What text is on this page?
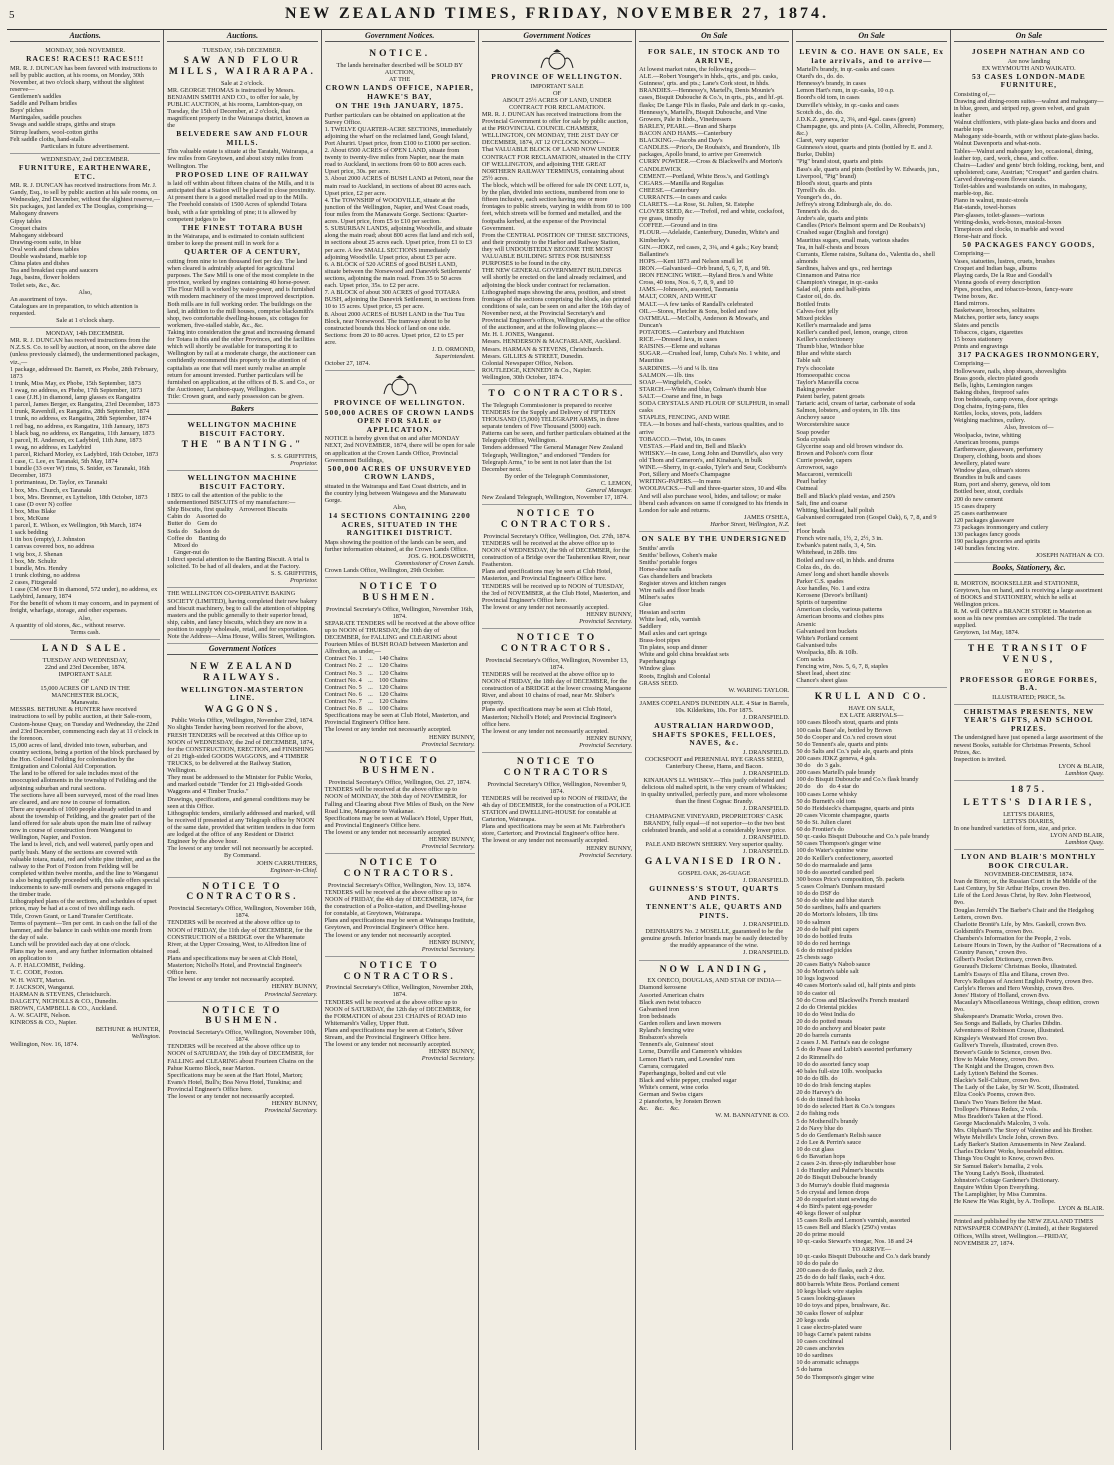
5	NEW ZEALAND TIMES, FRIDAY, NOVEMBER 27, 1874.
Auctions.
MONDAY, 30th NOVEMBER.
RACES! RACES!! RACES!!!
MR. R. J. DUNCAN has been favored with instructions to sell by public auction, at his rooms, on Monday, 30th November, at two o'clock sharp, without the slightest reserve—
Gentlemen's saddles
Saddle and Pelham bridles
Boys' pilches
Martingales, saddle pouches
Swags and saddle straps, girths and straps
Stirrup leathers, wool-cotton girths
Felt saddle cloths, hand-stalls
Particulars in future advertisement.
WEDNESDAY, 2nd DECEMBER.
FURNITURE, EARTHENWARE, ETC.
MR. R. J. DUNCAN has received instructions from Mr. J. Gandy, Esq., to sell by public auction at his sale rooms, on Wednesday, 2nd December, without the slightest reserve,—
Six packages, just landed ex The Douglas, comprising—
Mahogany drawers
Gipsy tables
Croquet chairs
Mahogany sideboard
Drawing-room suite, in blue
Oval work and chess tables
Double washstand, marble top
China plates and dishes
Tea and breakfast cups and saucers
Jugs, basins, flower holders
Toilet sets, &c., &c.
Also,
An assortment of toys.
Catalogues are in preparation, to which attention is requested.
Sale at 1 o'clock sharp.
MONDAY, 14th DECEMBER.
MR. R. J. DUNCAN has received instructions from the N.Z.S.S. Co. to sell by auction, at noon, on the above date (unless previously claimed), the undermentioned packages, viz.,—
1 package, addressed Dr. Barrett, ex Phobe, 28th February, 1873
1 trunk, Miss May, ex Phobe, 15th September, 1873
1 swag, no address, ex Phobe, 17th September, 1873
1 case (J.H.) in diamond, lamp glasses ex Rangatira
1 parcel, James Berger, ex Rangatira, 23rd December, 1873
1 trunk, Ravenhill, ex Rangatira, 28th September, 1874
1 trunk, no address, ex Rangatira, 28th September, 1874
1 red bag, no address, ex Rangatira, 11th January, 1873
1 black bag, no address, ex Rangatira, 11th January, 1873
1 parcel, H. Anderson, ex Ladybird, 11th June, 1873
1 swag, no address, ex Ladybird
1 parcel, Richard Morley, ex Ladybird, 16th October, 1873
1 case, C. Lee, ex Taranaki, 5th May, 1874
1 bundle (33 over W) rims, S. Snider, ex Taranaki, 16th December, 1873
1 portmanteau, Dr. Taylor, ex Taranaki
1 box, Mrs. Church, ex Taranaki
1 box, Mrs. Brenmer, ex Lyttelton, 18th October, 1873
1 case (D over N) coffee
1 box, Miss Blake
1 box, McKune
1 parcel, E. Wilson, ex Wellington, 9th March, 1874
1 sack bedding
1 tin box (empty), J. Johnston
1 canvas covered box, no address
1 wig box, J. Shenan
1 box, Mr. Schultz
1 bundle, Mrs. Hendry
1 trunk clothing, no address
2 cases, Fitzgerald
1 case (CM over B in diamond, 572 under), no address, ex Ladybird, January, 1874
For the benefit of whom it may concern, and in payment of freight, wharfage, storage, and other expenses.
Also,
A quantity of old stores, &c., without reserve.
Terms cash.
LAND SALE.
TUESDAY AND WEDNESDAY,
22nd and 23rd December, 1874.
IMPORTANT SALE
OF
15,000 ACRES OF LAND IN THE
MANCHESTER BLOCK,
Manawatu.
MESSRS. BETHUNE & HUNTER have received instructions to sell by public auction, at their Sale-room, Custom-house Quay, on Tuesday and Wednesday, the 22nd and 23rd December, commencing each day at 11 o'clock in the forenoon.
15,000 acres of land, divided into town, suburban, and country sections, being a portion of the block purchased by the Hon. Colonel Feilding for colonisation by the Emigration and Colonial Aid Corporation.
The land to be offered for sale includes most of the unoccupied allotments in the township of Feilding and the adjoining suburban and rural sections.
The sections have all been surveyed, most of the road lines are cleared, and are now in course of formation.
There are upwards of 1000 people already settled in and about the township of Feilding, and the greater part of the land offered for sale abuts upon the main line of railway now in course of construction from Wanganui to Wellington, Napier, and Foxton.
The land is level, rich, and well watered, partly open and partly bush. Many of the sections are covered with valuable totara, matai, red and white pine timber, and as the railway to the Port of Foxton from Feilding will be completed within twelve months, and the line to Wanganui is also being rapidly proceeded with, this sale offers special inducements to saw-mill owners and persons engaged in the timber trade.
Lithographed plans of the sections, and schedules of upset prices, may be had at a cost of two shillings each.
Title, Crown Grant, or Land Transfer Certificate.
Terms of payment—Ten per cent. in cash on the fall of the hammer, and the balance in cash within one month from the day of sale.
Lunch will be provided each day at one o'clock.
Plans may be seen, and any further information obtained on application to
A. F. HALCOMBE, Feilding.
T. C. CODE, Foxton.
W. H. WATT, Marton.
F. JACKSON, Wanganui.
HARMAN & STEVENS, Christchurch.
DALGETY, NICHOLLS & CO., Dunedin.
BROWN, CAMPBELL & CO., Auckland.
A. W. SCAIFE, Nelson.
KINROSS & CO., Napier.
BETHUNE & HUNTER,
Wellington.
Wellington, Nov. 16, 1874.
Auctions.
TUESDAY, 15th DECEMBER.
SAW AND FLOUR MILLS, WAIRARAPA.
Sale at 2 o'clock.
MR. GEORGE THOMAS is instructed by Messrs. BENJAMIN SMITH AND CO., to offer for sale, by PUBLIC AUCTION, at his rooms, Lambton-quay, on Tuesday, the 15th of December, at 2 o'clock, that magnificent property in the Wairarapa district, known as the
BELVEDERE SAW AND FLOUR MILLS.
This valuable estate is situate at the Taratahi, Wairarapa, a few miles from Greytown, and about sixty miles from Wellington. The
PROPOSED LINE OF RAILWAY
is laid off within about fifteen chains of the Mills, and it is anticipated that a Station will be placed in close proximity. At present there is a good metalled road up to the Mills. The Freehold consists of 1500 Acres of splendid Totara bush, with a fair sprinkling of pine; it is allowed by competent judges to be
THE FINEST TOTARA BUSH
in the Wairarapa, and is estimated to contain sufficient timber to keep the present mill in work for a
QUARTER OF A CENTURY,
cutting from nine to ten thousand feet per day. The land when cleared is admirably adapted for agricultural purposes. The Saw Mill is one of the most complete in the province, worked by engines containing 40 horse-power. The Flour Mill is worked by water-power, and is furnished with modern machinery of the most improved description. Both mills are in full working order. The buildings on the land, in addition to the mill houses, comprise blacksmith's shop, two comfortable dwelling-houses, six cottages for workmen, five-stalled stable, &c., &c.
Taking into consideration the great and increasing demand for Totara in this and the other Provinces, and the facilities which will shortly be available for transporting it to Wellington by rail at a moderate charge, the auctioneer can confidently recommend this property to the attention of capitalists as one that will meet surely realise an ample return for amount invested. Further particulars will be furnished on application, at the offices of B. S. and Co., or the Auctioneer, Lambton-quay, Wellington.
Title: Crown grant, and early possession can be given.
Bakers
WELLINGTON MACHINE BISCUIT FACTORY.
THE "BANTING."
S. S. GRIFFITHS,
Proprietor.
WELLINGTON MACHINE BISCUIT FACTORY.
I BEG to call the attention of the public to the undermentioned BISCUITS of my manufacture:—
Ship Biscuits, first quality    Arrowroot Biscuits
Cabin do    Assorted do
Butter do    Gem do
Soda do    Saloon do
Coffee do    Banting do
Mixed do
Ginger-nut do
I direct special attention to the Banting Biscuit. A trial is solicited. To be had of all dealers, and at the Factory.
S. S. GRIFFITHS,
Proprietor.
THE WELLINGTON CO-OPERATIVE BAKING SOCIETY (LIMITED), having completed their new bakery and biscuit machinery, beg to call the attention of shipping masters and the public generally to their superior bread, ship, cabin, and fancy biscuits, which they are now in a position to supply wholesale, retail, and for exportation.
Note the Address—Alma House, Willis Street, Wellington.
Government Notices
NEW ZEALAND RAILWAYS.
WELLINGTON-MASTERTON LINE.
WAGGONS.
Public Works Office, Wellington, November 23rd, 1874.
No slights Tender having been received for the above, FRESH TENDERS will be received at this Office up to NOON of WEDNESDAY, the 2nd of DECEMBER, 1874, for the CONSTRUCTION, ERECTION, and FINISHING of 21 High-sided GOODS WAGGONS, and 4 TIMBER TRUCKS, to be delivered at the Railway Station, Wellington.
They must be addressed to the Minister for Public Works, and marked outside "Tender for 21 High-sided Goods Waggons and 4 Timber Trucks."
Drawings, specifications, and general conditions may be seen at this Office.
Lithographic tenders, similarly addressed and marked, will be received if presented at any Telegraph office by NOON of the same date, provided that written tenders in due form are lodged at the office of any Resident or District Engineer by the above hour.
The lowest or any tender will not necessarily be accepted.
By Command.
JOHN CARRUTHERS,
Engineer-in-Chief.
NOTICE TO CONTRACTORS.
Provincial Secretary's Office, Wellington, November 16th, 1874.
TENDERS will be received at the above office up to NOON of FRIDAY, the 11th day of DECEMBER, for the CONSTRUCTION of a BRIDGE over the Wharemate River, at the Upper Crossing, West, to Alfredton line of road.
Plans and specifications may be seen at Club Hotel, Masterton; Nicholl's Hotel, and Provincial Engineer's Office here.
The lowest or any tender not necessarily accepted.
HENRY BUNNY,
Provincial Secretary.
NOTICE TO BUSHMEN.
Provincial Secretary's Office, Wellington, November 10th, 1874.
TENDERS will be received at the above office up to NOON of SATURDAY, the 19th day of DECEMBER, for FALLING and CLEARING about Fourteen Chains on the Pahue Kuemo Block, near Marton.
Specifications may be seen at the Hart Hotel, Marton; Evans's Hotel, Bull's; Boa Nova Hotel, Turakina; and Provincial Engineer's Office here.
The lowest or any tender not necessarily accepted.
HENRY BUNNY,
Provincial Secretary.
Government Notices.
NOTICE.
The lands hereinafter described will be SOLD BY AUCTION,
AT THE
CROWN LANDS OFFICE, NAPIER, HAWKE'S BAY,
ON THE 19th JANUARY, 1875.
Further particulars can be obtained on application at the Survey Office.
1. TWELVE QUARTER-ACRE SECTIONS, immediately adjoining the wharf on the reclaimed land, Gough Island, Port Ahuriri. Upset price, from £100 to £1000 per section.
2. About 6500 ACRES of OPEN LAND, situate from twenty to twenty-five miles from Napier, near the main road to Auckland, in sections from 60 to 800 acres each. Upset price, 30s. per acre.
3. About 2000 ACRES of BUSH LAND at Petoni, near the main road to Auckland, in sections of about 80 acres each. Upset price, £2 per acre.
4. The TOWNSHIP of WOODVILLE, situate at the junction of the Wellington, Napier, and West Coast roads, four miles from the Manawatu Gorge. Sections: Quarter-acres. Upset price, from £5 to £10 per section.
5. SUBURBAN LANDS, adjoining Woodville, and situate along the main road; about 800 acres flat land and rich soil, in sections about 25 acres each. Upset price, from £1 to £3 per acre. A few SMALL SECTIONS immediately adjoining Woodville. Upset price, about £3 per acre.
6. A BLOCK of 520 ACRES of good BUSH LAND, situate between the Norsewood and Danevirk Settlements' sections, adjoining the main road. From 35 to 50 acres each. Upset price, 35s. to £2 per acre.
7. A BLOCK of about 300 ACRES of good TOTARA BUSH, adjoining the Danevirk Settlement, in sections from 10 to 15 acres. Upset price, £5 per acre.
8. About 2000 ACRES of BUSH LAND in the Tuu Tuu Block, near Norsewood. The tramway about to be constructed bounds this block of land on one side. Sections: from 20 to 80 acres. Upset price, £2 to £5 per acre.
J. D. ORMOND,
Superintendent.
October 27, 1874.
PROVINCE OF WELLINGTON.
500,000 ACRES OF CROWN LANDS OPEN FOR SALE or APPLICATION.
NOTICE is hereby given that on and after MONDAY NEXT, 2nd NOVEMBER, 1874, there will be open for sale on application at the Crown Lands Office, Provincial Government Buildings,
500,000 ACRES OF UNSURVEYED CROWN LANDS,
situated in the Wairarapa and East Coast districts, and in the country lying between Waingawa and the Manawatu Gorge.
Also,
14 SECTIONS CONTAINING 2200 ACRES, SITUATED IN THE RANGITIKEI DISTRICT.
Maps showing the position of the lands can be seen, and further information obtained, at the Crown Lands Office.
JOS. G. HOLDSWORTH,
Commissioner of Crown Lands.
Crown Lands Office, Wellington, 29th October.
NOTICE TO BUSHMEN.
Provincial Secretary's Office, Wellington, November 16th, 1874.
SEPARATE TENDERS will be received at the above office up to NOON of THURSDAY, the 10th day of DECEMBER, for FALLING and CLEARING about Fourteen Miles of BUSH ROAD between Masterton and Alfredton, as under,—
Contract No. 1    ...    140 Chains
Contract No. 2    ...    120 Chains
Contract No. 3    ...    120 Chains
Contract No. 4    ...    100 Chains
Contract No. 5    ...    120 Chains
Contract No. 6    ...    120 Chains
Contract No. 7    ...    120 Chains
Contract No. 8    ...    100 Chains
Specifications may be seen at Club Hotel, Masterton, and Provincial Engineer's Office here.
The lowest or any tender not necessarily accepted.
HENRY BUNNY,
Provincial Secretary.
NOTICE TO BUSHMEN.
Provincial Secretary's Office, Wellington, Oct. 27, 1874.
TENDERS will be received at the above office up to NOON of MONDAY, the 30th day of NOVEMBER, for Falling and Clearing about Five Miles of Bush, on the New Road Line, Mangaone to Waikanae.
Specifications may be seen at Wallace's Hotel, Upper Hutt, and Provincial Engineer's Office here.
The lowest or any tender not necessarily accepted.
HENRY BUNNY,
Provincial Secretary.
NOTICE TO CONTRACTORS.
Provincial Secretary's Office, Wellington, Nov. 13, 1874.
TENDERS will be received at the above office up to NOON of FRIDAY, the 4th day of DECEMBER, 1874, for the construction of a Police-station, and Dwelling-house for constable, at Greytown, Wairarapa.
Plans and specifications may be seen at Wairarapa Institute, Greytown, and Provincial Engineer's Office here.
The lowest or any tender not necessarily accepted.
HENRY BUNNY,
Provincial Secretary.
NOTICE TO CONTRACTORS.
Provincial Secretary's Office, Wellington, November 20th, 1874.
TENDERS will be received at the above office up to NOON of SATURDAY, the 12th day of DECEMBER, for the FORMATION of about 231 CHAINS of ROAD into Whitemarsh's Valley, Upper Hutt.
Plans and specifications may be seen at Cotter's, Silver Stream, and the Provincial Engineer's Office here.
The lowest or any tender not necessarily accepted.
HENRY BUNNY,
Provincial Secretary.
Government Notices
PROVINCE OF WELLINGTON.
IMPORTANT SALE
OF
ABOUT 25½ ACRES OF LAND, UNDER
CONTRACT FOR RECLAMATION.
MR. R. J. DUNCAN has received instructions from the Provincial Government to offer for sale by public auction, at the PROVINCIAL COUNCIL CHAMBER, WELLINGTON, ON MONDAY, THE 21ST DAY OF DECEMBER, 1874, AT 12 O'CLOCK NOON—
That VALUABLE BLOCK OF LAND NOW UNDER CONTRACT FOR RECLAMATION, situated in the CITY OF WELLINGTON, and adjoining THE GREAT NORTHERN RAILWAY TERMINUS, containing about 25½ acres.
The block, which will be offered for sale IN ONE LOT, is, by the plan, divided into sections, numbered from one to fifteen inclusive, each section having one or more frontages to public streets, varying in width from 60 to 100 feet, which streets will be formed and metalled, and the footpaths kerbed, at the expense of the Provincial Government.
From the CENTRAL POSITION OF THESE SECTIONS, and their proximity to the Harbor and Railway Station, they will UNDOUBTEDLY BECOME THE MOST VALUABLE BUILDING SITES FOR BUSINESS PURPOSES to be found in the city.
THE NEW GENERAL GOVERNMENT BUILDINGS will shortly be erected on the land already reclaimed, and adjoining the block under contract for reclamation.
Lithographed maps showing the area, position, and street frontages of the sections comprising the block, also printed conditions of sale, can be seen on and after the 16th day of November next, at the Provincial Secretary's and Provincial Engineer's offices, Wellington, also at the office of the auctioneer, and at the following places:—
Mr. H. I. JONES, Wanganui.
Messrs. HENDERSON & MACFARLANE, Auckland.
Messrs. HARMAN & STEVENS, Christchurch.
Messrs. GILLIES & STREET, Dunedin.
Colonial Newspaper Office, Nelson.
ROUTLEDGE, KENNEDY & Co., Napier.
Wellington, 30th October, 1874.
TO CONTRACTORS.
The Telegraph Commissioner is prepared to receive TENDERS for the Supply and Delivery of FIFTEEN THOUSAND (15,000) TELEGRAPH ARMS, in three separate tenders of Five Thousand (5000) each.
Patterns can be seen, and further particulars obtained at the Telegraph Office, Wellington.
Tenders addressed "The General Manager New Zealand Telegraph, Wellington," and endorsed "Tenders for Telegraph Arms," to be sent in not later than the 1st December next.
By order of the Telegraph Commissioner,
C. LEMON,
General Manager.
New Zealand Telegraph, Wellington, November 17, 1874.
NOTICE TO CONTRACTORS.
Provincial Secretary's Office, Wellington, Oct. 27th, 1874.
TENDERS will be received at the above office up to NOON of WEDNESDAY, the 9th of DECEMBER, for the construction of a Bridge over the Tauherenikau River, near Featherston.
Plans and specifications may be seen at Club Hotel, Masterton, and Provincial Engineer's Office here.
TENDERS will be received up to NOON of TUESDAY, the 3rd of NOVEMBER, at the Club Hotel, Masterton, and Provincial Engineer's Office here.
The lowest or any tender not necessarily accepted.
HENRY BUNNY,
Provincial Secretary.
NOTICE TO CONTRACTORS.
Provincial Secretary's Office, Wellington, November 13, 1874.
TENDERS will be received at the above office up to NOON of FRIDAY, the 18th day of DECEMBER, for the construction of a BRIDGE at the lower crossing Mangaone River, and about 10 chains of road, near Mr. Shiber's property.
Plans and specifications may be seen at Club Hotel, Masterton; Nicholl's Hotel; and Provincial Engineer's office here.
The lowest or any tender not necessarily accepted.
HENRY BUNNY,
Provincial Secretary.
NOTICE TO CONTRACTORS
Provincial Secretary's Office, Wellington, November 9, 1874.
TENDERS will be received up to NOON of FRIDAY, the 4th day of DECEMBER, for the construction of a POLICE STATION and DWELLING-HOUSE for constable at Carterton, Wairarapa.
Plans and specifications may be seen at Mr. Fairbrother's store, Carterton; and Provincial Engineer's office here.
The lowest or any tender not necessarily accepted.
HENRY BUNNY,
Provincial Secretary.
On Sale
FOR SALE, IN STOCK AND TO ARRIVE,
At lowest market rates, the following goods—
ALE.—Robert Younger's in hhds., qrts., and pts. casks, Guinness', qrts. and pts.; Lane's Cork stout, in hhds.
BRANDIES.—Hennessy's, Martell's, Denis Mounie's cases, Bisquit Dubouche & Co.'s, in qrts., pts., and hf.-pt. flasks; De Lange Fils in flasks, Pale and dark in qr.-casks, Hennessy's, Martell's, Bisquit Dubouche, and Vine Growers, Pale in hhds., Vinedressers
BARLEY, PEARL.—Bran and Sharps
BACON AND HAMS.—Canterbury
BLACKING.—Jacobs and Day's
CANDLES.—Price's, De Roubaix's, and Brandon's, 1lb packages, Apollo brand, to arrive per Greenwich
CURRY POWDER.—Cross & Blackwell's and Morton's
CANDLEWICK
CEMENT.—Portland, White Bros.'s, and Gottling's
CIGARS.—Manilla and Regalias
CHEESE.—Canterbury
CURRANTS.—In cases and casks
CLARETS.—La Rose, St. Julien, St. Estephe
CLOVER SEED, &c.—Trefoil, red and white, cocksfoot, rye grass, timothy
COFFEE.—Ground and in tins
FLOUR.—Adelaide, Canterbury, Dunedin, White's and Kimberley's
GIN.—JDKZ, red cases, 2, 3¼, and 4 gals.; Key brand; Ballantine's
HOPS.—Kent 1873 and Nelson small lot
IRON.—Galvanised—Orb brand, 5, 6, 7, 8, and 9ft.
IRON FENCING WIRE.—Ryland Bros.'s and White Cross, 40 tons, Nos. 6, 7, 8, 9, and 10
JAMS.—Johnson's, assorted, Tasmania
MALT, CORN, AND WHEAT
MALT.—A few tanks of Randall's celebrated
OIL.—Stores, Fletcher & Sons, boiled and raw
OATMEAL.—McColl's, Anderson & Mowat's, and Duncan's
POTATOES.—Canterbury and Hutchison
RICE.—Dressed Java, in cases
RAISINS.—Eleme and sultanas
SUGAR.—Crushed loaf, lump, Cuba's No. 1 white, and Mauritius
SARDINES.—½ and ¼ lb. tins
SALMON.—1lb. tins
SOAP.—Wingfield's, Cook's
STARCH.—White and blue, Colman's thumb blue
SALT.—Coarse and fine, in bags
SODA CRYSTALS AND FLOUR OF SULPHUR, in small casks
STAPLES, FENCING, AND WIRE
TEA.—In boxes and half-chests, various qualities, and to arrive
TOBACCO.—Twist, 10s, in cases
VESTAS.—Plaid and tin, Bell and Black's
WHISKY.—In case, Long John and Dunville's, also very old Thom and Cameron's, and Kinahan's, in bulk
WINE.—Sherry, in qr.-casks, Tyler's and Seur, Cockburn's Port, Sillery and Moet's Champagne
WRITING-PAPERS.—In reams
WOOLPACKS.—Full and three-quarter sizes, 10 and 4lbs
And will also purchase wool, hides, and tallow; or make liberal cash advances on same if consigned to his friends in London for sale and returns.
JAMES O'SHEA,
Harbor Street, Wellington, N.Z.
ON SALE BY THE UNDERSIGNED
Smiths' anvils
Smiths' bellows, Cohen's make
Smiths' portable forges
Horse-shoe nails
Gas chandeliers and brackets
Register stoves and kitchen ranges
Wire nails and floor brads
Milner's safes
Glue
Hessian and scrim
White lead, oils, varnish
Saddlery
Mail axles and cart springs
Brass-foot pipes
Tin plates, soup and dinner
White and gold china breakfast sets
Paperhangings
Window glass
Roots, English and Colonial
GRASS SEED.
W. WARING TAYLOR.
JAMES COPELAND'S DUNEDIN ALE. 4 Star in Barrels, 10s. Kilderkins, 10s. For 1875.
J. DRANSFIELD.
AUSTRALIAN HARDWOOD, SHAFTS SPOKES, FELLOES, NAVES, &c.
J. DRANSFIELD.
COCKSFOOT and PERENNIAL RYE GRASS SEED, Canterbury Cheese, Hams, and Bacon.
J. DRANSFIELD.
KINAHAN'S LL WHISKY.—This justly celebrated and delicious old malted spirit, is the very cream of Whiskies; in quality unrivalled, perfectly pure, and more wholesome than the finest Cognac Brandy.
J. DRANSFIELD.
CHAMPAGNE VINEYARD, PROPRIETORS' CASK BRANDY, fully equal—if not superior—to the two best celebrated brands, and sold at a considerably lower price.
J. DRANSFIELD.
PALE AND BROWN SHERRY. Very superior quality.
J. DRANSFIELD.
GALVANISED IRON.
GOSPEL OAK, 26-GUAGE
J. DRANSFIELD.
GUINNESS'S STOUT, QUARTS AND PINTS.
TENNENT'S ALE, QUARTS AND PINTS.
J. DRANSFIELD.
DEINHARD'S No. 2 MOSELLE, guaranteed to be the genuine growth. Inferior brands may be easily detected by the muddy appearance of the wine.
J. DRANSFIELD.
NOW LANDING,
EX ONECO, DOUGLAS, AND STAR OF INDIA—
Diamond kerosene
Assorted American chairs
Black awn twist tobacco
Galvanised iron
Iron bedsteads
Garden rollers and lawn mowers
Ryland's fencing wire
Brabazon's shovels
Tennent's ale, Guinness' stout
Lorne, Dunville and Cameron's whiskies
Lemon Hart's rum, and Lowndes' rum
Carrara, corrugated
Paperhangings, bolted and cut vile
Black and white pepper, crushed sugar
White's cement, wine corks
German and Swiss cigars
2 pianofortes, by Jonsten Brown
&c.    &c.    &c.
W. M. BANNATYNE & CO.
On Sale
LEVIN & CO. HAVE ON SALE, Ex late arrivals, and to arrive—
Martell's brandy, in qr.-casks and cases
Otard's do., do. do.
Hennessy's brandy, in cases
Lemon Hart's rum, in qr.-casks, 10 o.p.
Boord's old tom, in cases
Dunville's whisky, in qr.-casks and cases
Scotch do., do. do.
J.D.K.Z. geneva, 2, 3¼, and 4gal. cases (green)
Champagne, qts. and pints (A. Collin, Albrecht, Pommery, &c.)
Claret, very superior
Guinness's stout, quarts and pints (bottled by E. and J. Burke, Dublin)
"Pig" brand stout, quarts and pints
Bass's ale, quarts and pints (bottled by W. Edwards, jun., Liverpool, "Pig" brand)
Blood's stout, quarts and pints
Tyrrell's do. do.
Younger's do., do.
Jeffrey's strong Edinburgh ale, do. do.
Tennent's do. do.
Andre's ale, quarts and pints
Candles (Price's Belmont sperm and De Roubaix's)
Crushed sugar (English and foreign)
Mauritius sugars, small mats, various shades
Tea, in half-chests and boxes
Currants, Eleme raisins, Sultana do., Valentia do., shell almonds
Sardines, halves and qrs., red herrings
Cinnamon and Patna rice
Champion's vinegar, in qr.-casks
Salad oil, pints and half-pints
Castor oil, do. do.
Bottled fruits
Calves-foot jelly
Mixed pickles
Keiller's marmalade and jams
Keiller's candied peel, lemon, orange, citron
Keiller's confectionery
Thumb blue, Windsor blue
Blue and white starch
Table salt
Fry's chocolate
Homoeopathic cocoa
Taylor's Maravilla cocoa
Baking powder
Patent barley, patent groats
Tartaric acid, cream of tartar, carbonate of soda
Salmon, lobsters, and oysters, in 1lb. tins
Anchovy sauce
Worcestershire sauce
Soap powder
Soda crystals
Glycerine soap and old brown windsor do.
Brown and Polson's corn flour
Currie powder, capers
Arrowroot, sago
Maccaroni, vermicelli
Pearl barley
Oatmeal
Bell and Black's plaid vestas, and 250's
Salt, fine and coarse
Whiting, blacklead, half polish
Galvanised corrugated iron (Gospel Oak), 6, 7, 8, and 9 feet
Floor brads
French wire nails, 1½, 2, 2½, 3 in.
Ewbank's patent nails, 3, 4, 5in.
Whitehead, in 28lb. tins
Boiled and raw oil, in hhds. and drums
Colza do., do. do.
Ames' long and short handle shovels
Parker C.S. spades
Axe handles, No. 1 and extra
Kerosene (Devoe's brilliant)
Spirits of turpentine
American clocks, various patterns
American brooms and clothes pins
Arsenic
Galvanised iron buckets
White's Portland cement
Galvanised tubs
Woolpacks, 8lb. & 10lb.
Corn sacks
Fencing wire, Nos. 5, 6, 7, 8, staples
Sheet lead, sheet zinc
Chance's sheet glass
KRULL AND CO.
HAVE ON SALE,
EX LATE ARRIVALS—
100 cases Blood's stout, quarts and pints
100 casks Bass' ale, bottled by Brown
50 do Cooper and Co.'s red crown stout
50 do Tennent's ale, quarts and pints
50 do Salts and Co.'s pale ale, quarts and pints
200 cases JDKZ geneva, 4 gals.
30 do    do 3 gals.
200 cases Martell's pale brandy
100 do Bisquit Dubouche and Co.'s flask brandy
20 do    do    do 4 star do
100 cases Lorne whisky
50 do Burnett's old tom
50 do Heidsieck's champagne, quarts and pints
20 cases Vicomte champagne, quarts
50 do St. Julien claret
60 do Frontier's do
50 qr.-casks Bisquit Dubouche and Co.'s pale brandy
50 cases Thompson's ginger wine
100 do Water's quinine wine
20 do Keiller's confectionery, assorted
50 do do marmalade and jams
10 do do assorted candied peel
300 boxes Price's composition, 5b. packets
5 cases Colman's Dunham mustard
10 do do DSF do
50 do do white and blue starch
50 do sardines, halfs and quarters
20 do Morton's lobsters, 1lb tins
10 do salmon
20 do do half pint capers
10 do do bottled fruits
10 do do red herrings
6 do do mixed pickles
25 chests sago
20 cases Batty's Nabob sauce
30 do Morton's table salt
10 logs logwood
40 cases Morton's salad oil, half pints and pints
10 do castor oil
50 do Cross and Blackwell's French mustard
2 do do Oriental pickles
10 do do West India do
20 do do potted meats
10 do do anchovy and bloater paste
20 do barrels currants
2 cases J. M. Farina's eau de cologne
5 do do Pease and Lubin's assorted perfumery
2 do Rimmell's do
10 do do assorted fancy soap
40 bales full-size 10lb. woolpacks
10 do do 8lb. do
10 do do Irish fencing staples
20 do Harvey's do
6 do do tinned fish hooks
10 do do selected Hart & Co.'s tongues
2 do fishing rods
5 do Mothersill's brandy
2 do Navy blue do
5 do do Gentleman's Relish sauce
2 do Lee & Perrin's sauce
10 do cut glass
6 do Bavarian hops
2 cases 2-in. three-ply indiarubber hose
1 do Huntley and Palmer's biscuits
20 do Bisquit Dubouche brandy
3 do Murray's double fluid magnesia
5 do crystal and lemon drops
20 do roquefort stunt sewing do
4 do Bird's patent egg-powder
40 kegs flower of sulphur
15 cases Rolls and Lemon's varnish, assorted
15 cases Bell and Black's (250's) vestas
20 do prime mould
10 qr.-casks Stewart's vinegar, Nos. 18 and 24
TO ARRIVE—
10 qr.-casks Bisquit Dubouche and Co.'s dark brandy
10 do do pale do
200 cases do do flasks, each 2 doz.
25 do do do half flasks, each 4 doz.
800 barrels White Bros. Portland cement
10 kegs black wire staples
5 cases looking-glasses
10 do toys and pipes, brushware, &c.
30 casks flower of sulphur
20 kegs soda
1 case electro-plated ware
10 bags Carne's patent raisins
10 cases cochineal
20 cases anchovies
10 do sardines
10 do aromatic schnapps
5 do hams
50 do Thompson's ginger wine
On Sale
JOSEPH NATHAN AND CO
Are now landing
EX WEYMOUTH AND WAIKATO.
53 CASES LONDON-MADE FURNITURE,
Consisting of,—
Drawing and dining-room suites—walnut and mahogany—in blue, green, and striped rep, green velvet, and grain leather
Walnut chiffoniers, with plate-glass backs and doors and marble tops
Mahogany side-boards, with or without plate-glass backs.
Walnut Davenports and what-nots.
Tables—Walnut and mahogany loo, occasional, dining, leather top, card, work, chess, and coffee.
Chairs—Ladies' and gents' birch folding, rocking, bent, and upholstered; cane, Austrian; "Croquet" and garden chairs.
Carved drawing-room flower stands.
Toilet-tables and washstands on suites, in mahogany, marble-top, &c.
Piano in walnut, music-stools
Hat-stands, towel-horses
Pier-glasses, toilet-glasses—various
Writing-desks, work-boxes, musical-boxes
Timepieces and clocks, in marble and wood
Horse-hair and flock.
50 PACKAGES FANCY GOODS,
Comprising—
Vases, statuettes, lustres, cruets, brushes
Croquet and Indian bags, albums
Playing cards, De la Rue and Goodall's
Vienna goods of every description
Pipes, pouches, and tobacco-boxes, fancy-ware
Twine boxes, &c.
Hand mirrors.
Basketware, brooches, solitaires
Matches, portier sets, fancy soaps
Slates and pencils
Tobaccos, cigars, cigarettes
15 boxes stationery
Prints and engravings
317 PACKAGES IRONMONGERY,
Comprising—
Hollowware, nails, shop shears, shoveslights
Brass goods, electro plated goods
Bells, lights, Lemington ranges
Baking dishes, fireproof safes
Iron bedsteads, camp ovens, door springs
Dog chains, frying-pans, files
Kettles, locks, stoves, pots, ladders
Weighing machines, cutlery.
Also, Invoices of—
Woolpacks, twine, whiting
American brooms, pumps
Earthenware, glassware, perfumery
Drapery, clothing, boots and shoes
Jewellery, plated ware
Window glass, oilman's stores
Brandies in bulk and cases
Rum, port and sherry, geneva, old tom
Bottled beer, stout, cordials
200 do new cement
15 cases drapery
25 cases earthenware
120 packages glassware
73 packages ironmongery and cutlery
130 packages fancy goods
190 packages groceries and spirits
140 bundles fencing wire.
JOSEPH NATHAN & CO.
Books, Stationery, &c.
R. MORTON, BOOKSELLER and STATIONER, Greytown, has on hand, and is receiving a large assortment of BOOKS and STATIONERY, which he sells at Wellington prices.
R. M. will OPEN a BRANCH STORE in Masterton as soon as his new premises are completed. The trade supplied.
Greytown, 1st May, 1874.
THE TRANSIT OF VENUS,
BY
PROFESSOR GEORGE FORBES, B.A.
ILLUSTRATED; PRICE, 5s.
CHRISTMAS PRESENTS, NEW YEAR'S GIFTS, AND SCHOOL PRIZES.
The undersigned have just opened a large assortment of the newest Books, suitable for Christmas Presents, School Prizes, &c.
Inspection is invited.
LYON & BLAIR,
Lambton Quay.
1875.
LETTS'S DIARIES,
LETTS'S DIARIES,
LETTS'S DIARIES,
In one hundred varieties of form, size, and price.
LYON AND BLAIR,
Lambton Quay.
LYON AND BLAIR'S MONTHLY BOOK CIRCULAR.
NOVEMBER-DECEMBER, 1874.
Ivan de Biron; or, the Russian Court in the Middle of the Last Century, by Sir Arthur Helps, crown 8vo.
Life of the Lord Jesus Christ, by Rev. John Fleetwood, 8vo.
Douglas Jerrold's The Barber's Chair and the Hedgehog Letters, crown 8vo.
Charlotte Brontë's Life, by Mrs. Gaskell, crown 8vo.
Goldsmith's Poems, crown 8vo.
Chambers's Information for the People, 2 vols.
Leisure Hours in Town, by the Author of "Recreations of a Country Parson," crown 8vo.
Gilbert's Pocket Dictionary, crown 8vo.
Gouraud's Dickens' Christmas Books, illustrated.
Lamb's Essays of Elia and Eliana, crown 8vo.
Percy's Reliques of Ancient English Poetry, crown 8vo.
Carlyle's Heroes and Hero Worship, crown 8vo.
Jones' History of Holland, crown 8vo.
Macaulay's Miscellaneous Writings, cheap edition, crown 8vo.
Shakespeare's Dramatic Works, crown 8vo.
Sea Songs and Ballads, by Charles Dibdin.
Adventures of Robinson Crusoe, illustrated.
Kingsley's Westward Ho! crown 8vo.
Gulliver's Travels, illustrated, crown 8vo.
Brewer's Guide to Science, crown 8vo.
How to Make Money, crown 8vo.
The Knight and the Dragon, crown 8vo.
Lady Lytton's Behind the Scenes.
Blackie's Self-Culture, crown 8vo.
The Lady of the Lake, by Sir W. Scott, illustrated.
Eliza Cook's Poems, crown 8vo.
Dana's Two Years Before the Mast.
Trollope's Phineas Redux, 2 vols.
Miss Braddon's Taken at the Flood.
George Macdonald's Malcolm, 3 vols.
Mrs. Oliphant's The Story of Valentine and his Brother.
Whyte Melville's Uncle John, crown 8vo.
Lady Barker's Station Amusements in New Zealand.
Charles Dickens' Works, household edition.
Things You Ought to Know, crown 8vo.
Sir Samuel Baker's Ismailia, 2 vols.
The Young Lady's Book, illustrated.
Johnston's Cottage Gardener's Dictionary.
Enquire Within Upon Everything.
The Lamplighter, by Miss Cummins.
He Knew He Was Right, by A. Trollope.
LYON & BLAIR.
Printed and published by the NEW ZEALAND TIMES NEWSPAPER COMPANY (Limited), at their Registered Offices, Willis street, Wellington.—FRIDAY, NOVEMBER 27, 1874.
